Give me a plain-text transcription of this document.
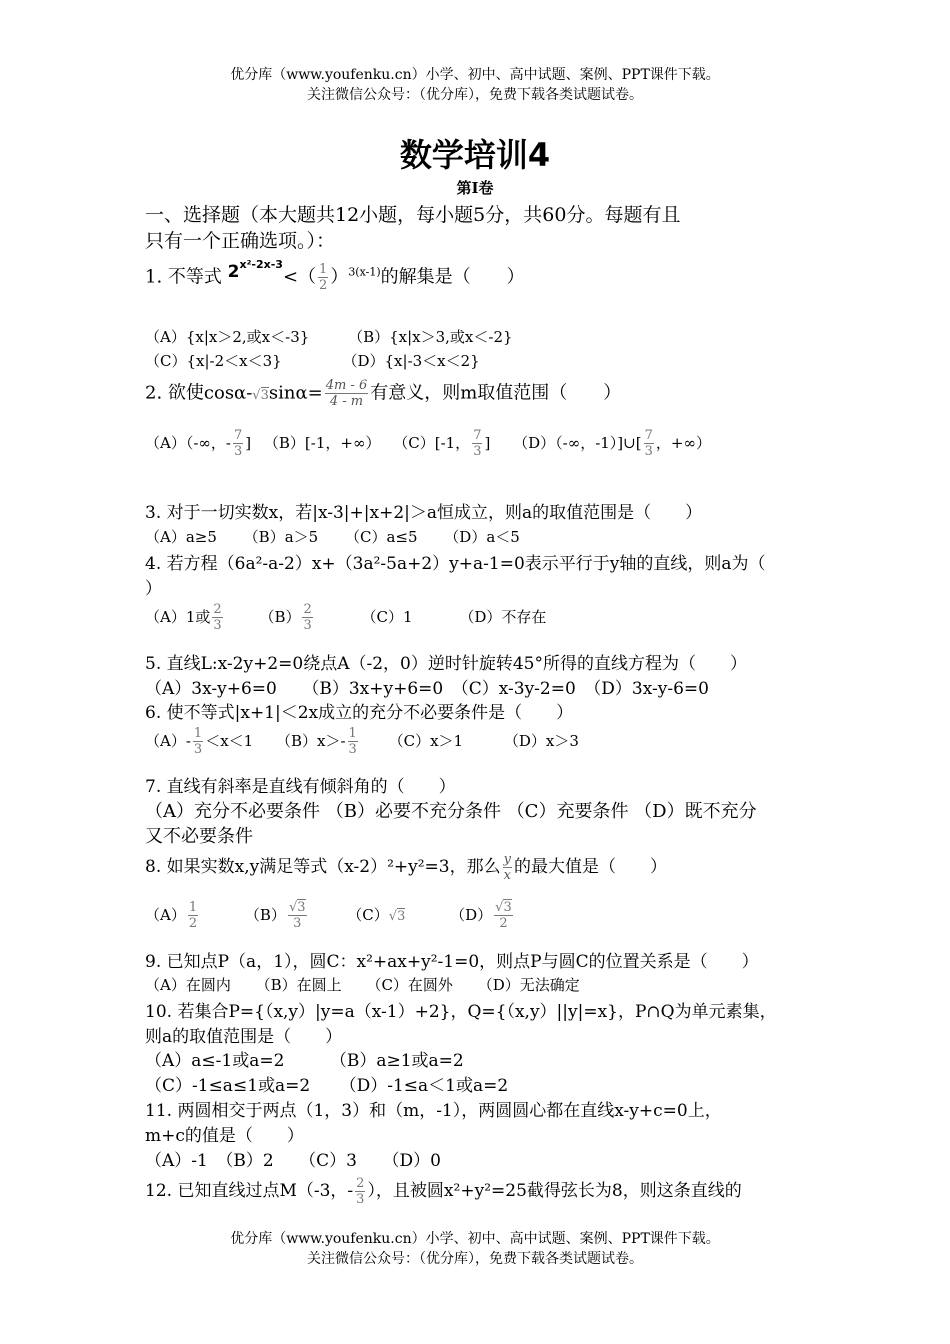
优分库（www.youfenku.cn）小学、初中、高中试题、案例、PPT课件下载。
关注微信公众号：（优分库），免费下载各类试题试卷。
数学培训4
第Ⅰ卷
一、选择题（本大题共12小题，每小题5分，共60分。每题有且
只有一个正确选项。）：
1. 不等式 $2^{x^2-2x-3}<( \frac{1}{2} )^{3(x-1)}$的解集是（　　）
（A）{x|x＞2,或x＜-3}	（B）{x|x＞3,或x＜-2}
（C）{x|-2＜x＜3}	（D）{x|-3＜x＜2}
2. 欲使$\cos\alpha-√3\sin\alpha= \frac{4m - 6}{4 - m}$ 有意义，则m取值范围（　　）
（A）（-∞，- $\frac{7}{3}$ ] （B）[-1，+∞） （C）[-1， $\frac{7}{3}$ ] （D）（-∞，-1）]∪[ $\frac{7}{3}$ ，+∞）
3. 对于一切实数x，若|x-3|+|x+2|＞a恒成立，则a的取值范围是（　　）
（A）a≥5 （B）a＞5 （C）a≤5 （D）a＜5
4. 若方程（6a²-a-2）x+（3a²-5a+2）y+a-1=0表示平行于y轴的直线，则a为（
）
（A）1或 $\frac{2}{3} (B) \frac{2}{3}$	（C）1	（D）不存在
5. 直线L:x-2y+2=0绕点A（-2，0）逆时针旋转45°所得的直线方程为（　　）
（A）3x-y+6=0　　（B）3x+y+6=0　（C）x-3y-2=0　（D）3x-y-6=0
6. 使不等式|x+1|＜2x成立的充分不必要条件是（　　）
$(A)- \frac{1}{3} <x<1$ $(B)x>- \frac{1}{3} (C)x>1$	（D）x＞3
7. 直线有斜率是直线有倾斜角的（　　）
（A）充分不必要条件 （B）必要不充分条件 （C）充要条件 （D）既不充分
又不必要条件
8. 如果实数x,y满足等式（x-2）²+y²=3，那么 $\frac{y}{x}$ 的最大值是（　　）
$(A) \frac{1}{2}$	$(B) \frac{√3}{3}$	（C）√3	$(D) \frac{√3}{2}$
9. 已知点P（a，1），圆C：x²+ax+y²-1=0，则点P与圆C的位置关系是（　　）
（A）在圆内 （B）在圆上 （C）在圆外 （D）无法确定
10. 若集合P={（x,y）|y=a（x-1）+2}，Q={（x,y）||y|=x}，P∩Q为单元素集，
则a的取值范围是（　　）
（A）a≤-1或a=2	（B）a≥1或a=2
（C）-1≤a≤1或a=2 （D）-1≤a＜1或a=2
11. 两圆相交于两点（1，3）和（m，-1），两圆圆心都在直线x-y+c=0上，
m+c的值是（　　）
（A）-1　（B）2　　（C）3　　（D）0
12. 已知直线过点M（-3，- $\frac{2}{3}$ ），且被圆x²+y²=25截得弦长为8，则这条直线的
优分库（www.youfenku.cn）小学、初中、高中试题、案例、PPT课件下载。
关注微信公众号：（优分库），免费下载各类试题试卷。
